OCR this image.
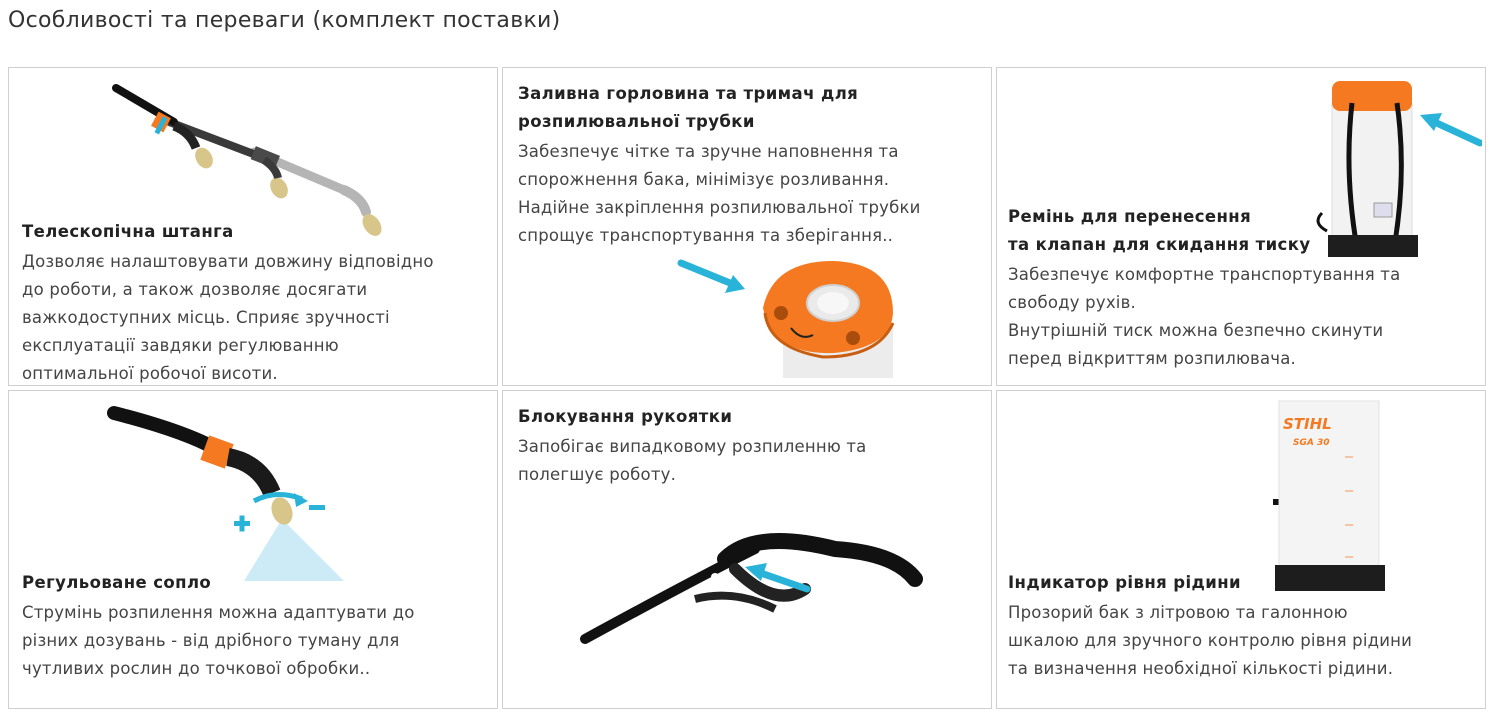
Особливості та переваги (комплект поставки)
Телескопічна штанга

Дозволяє налаштовувати довжину відповідно

до роботи, а також дозволяє досягати

важкодоступних місць. Сприяє зручності

експлуатації завдяки регулюванню

оптимальної робочої висоти.

Заливна горловина та тримач для
розпилювальної трубки

Забезпечує чітке та зручне наповнення та

спорожнення бака, мінімізує розливання.

Надійне закріплення розпилювальної трубки

спрощує транспортування та зберігання..

Ремінь для перенесення
та клапан для скидання тиску

Забезпечує комфортне транспортування та

свободу рухів.

Внутрішній тиск можна безпечно скинути

перед відкриттям розпилювача.

Регульоване сопло

Струмінь розпилення можна адаптувати до

різних дозувань - від дрібного туману для

чутливих рослин до точкової обробки..

Блокування рукоятки

Запобігає випадковому розпиленню та

полегшує роботу.

STIHL
SGA 30
Індикатор рівня рідини

Прозорий бак з літровою та галонною

шкалою для зручного контролю рівня рідини

та визначення необхідної кількості рідини.
